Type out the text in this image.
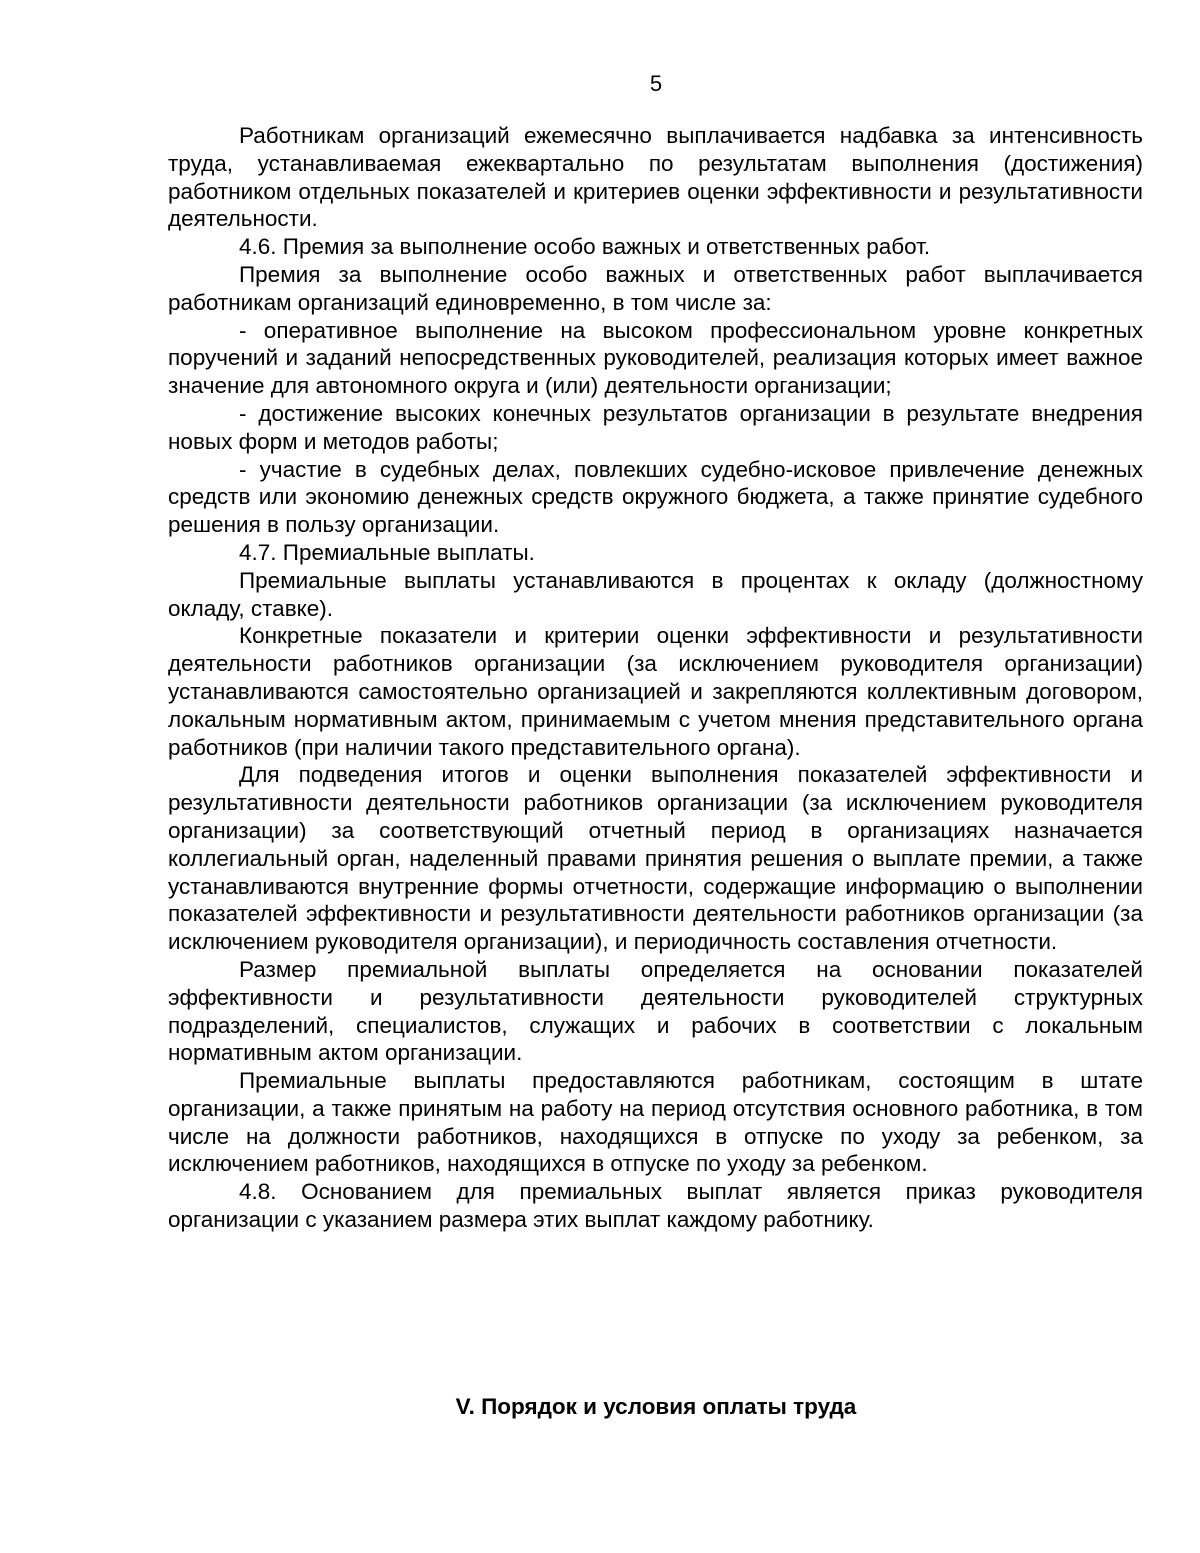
5

Работникам организаций ежемесячно выплачивается надбавка за интенсивность труда, устанавливаемая ежеквартально по результатам выполнения (достижения) работником отдельных показателей и критериев оценки эффективности и результативности деятельности.

4.6. Премия за выполнение особо важных и ответственных работ.

Премия за выполнение особо важных и ответственных работ выплачивается работникам организаций единовременно, в том числе за:

- оперативное выполнение на высоком профессиональном уровне конкретных поручений и заданий непосредственных руководителей, реализация которых имеет важное значение для автономного округа и (или) деятельности организации;

- достижение высоких конечных результатов организации в результате внедрения новых форм и методов работы;

- участие в судебных делах, повлекших судебно-исковое привлечение денежных средств или экономию денежных средств окружного бюджета, а также принятие судебного решения в пользу организации.

4.7. Премиальные выплаты.

Премиальные выплаты устанавливаются в процентах к окладу (должностному окладу, ставке).

Конкретные показатели и критерии оценки эффективности и результативности деятельности работников организации (за исключением руководителя организации) устанавливаются самостоятельно организацией и закрепляются коллективным договором, локальным нормативным актом, принимаемым с учетом мнения представительного органа работников (при наличии такого представительного органа).

Для подведения итогов и оценки выполнения показателей эффективности и результативности деятельности работников организации (за исключением руководителя организации) за соответствующий отчетный период в организациях назначается коллегиальный орган, наделенный правами принятия решения о выплате премии, а также устанавливаются внутренние формы отчетности, содержащие информацию о выполнении показателей эффективности и результативности деятельности работников организации (за исключением руководителя организации), и периодичность составления отчетности.

Размер премиальной выплаты определяется на основании показателей эффективности и результативности деятельности руководителей структурных подразделений, специалистов, служащих и рабочих в соответствии с локальным нормативным актом организации.

Премиальные выплаты предоставляются работникам, состоящим в штате организации, а также принятым на работу на период отсутствия основного работника, в том числе на должности работников, находящихся в отпуске по уходу за ребенком, за исключением работников, находящихся в отпуске по уходу за ребенком.

4.8. Основанием для премиальных выплат является приказ руководителя организации с указанием размера этих выплат каждому работнику.

V. Порядок и условия оплаты труда
